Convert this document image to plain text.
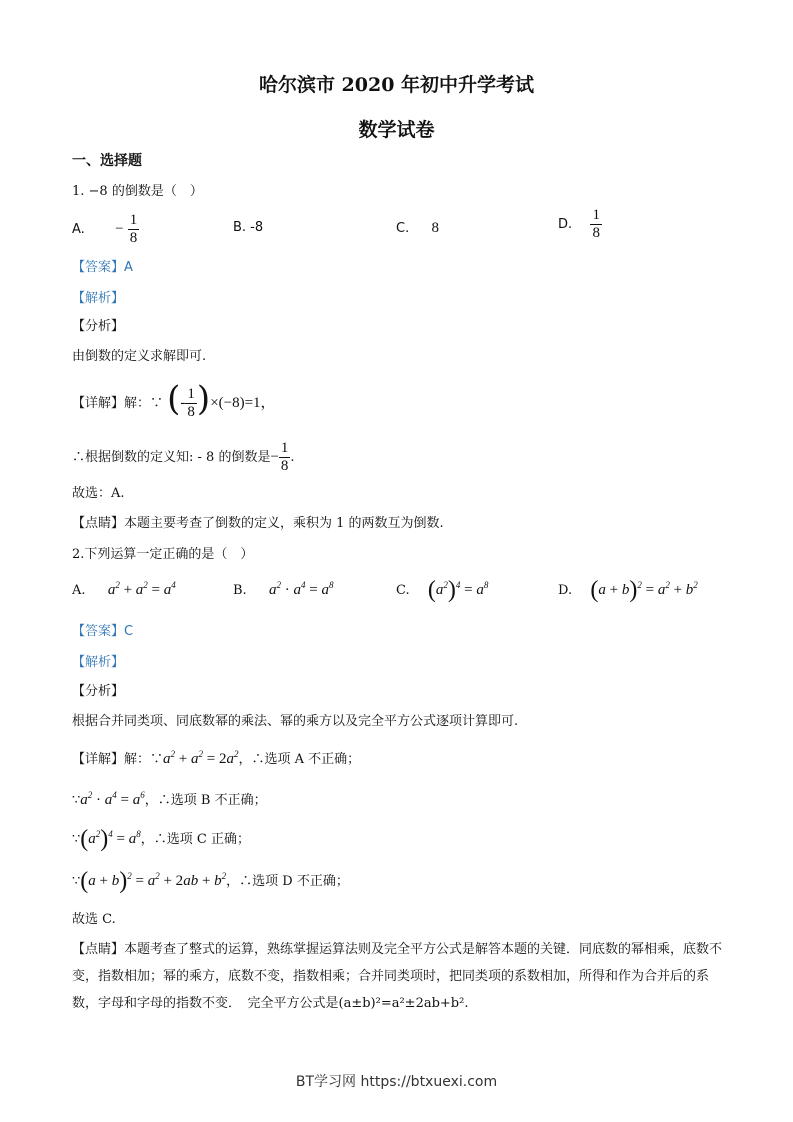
哈尔滨市 2020 年初中升学考试
数学试卷
一、选择题
1. −8 的倒数是（　）
A. − $\frac{1}{8}$	B. -8	C. 8	D. $\frac{1}{8}$
【答案】A
【解析】
【分析】
由倒数的定义求解即可.
【详解】解：∵ (- $\frac{1}{8} )\times(-8)=1$，
∴根据倒数的定义知: - 8 的倒数是− $\frac{1}{8}$ .
故选：A.
【点睛】本题主要考查了倒数的定义，乘积为 1 的两数互为倒数.
2.下列运算一定正确的是（　）
A. $a^2 + a^2 = a^4$	B. $a^2 \cdot a^4 = a^8$	C. $(a^2)^4 = a^8$	D. $(a + b)^2 = a^2 + b^2$
【答案】C
【解析】
【分析】
根据合并同类项、同底数幂的乘法、幂的乘方以及完全平方公式逐项计算即可.
【详解】解：$\because a^2 + a^2 = 2a^2$，∴选项 A 不正确；
$\because a^2 \cdot a^4 = a^6$，∴选项 B 不正确；
$\because(a^2)^4 = a^8$，∴选项 C 正确；
∵(a + $b)^2 = a^2 + 2ab + b^2$，∴选项 D 不正确；
故选 C.
【点睛】本题考查了整式的运算，熟练掌握运算法则及完全平方公式是解答本题的关键．同底数的幂相乘，底数不变，指数相加；幂的乘方，底数不变，指数相乘；合并同类项时，把同类项的系数相加，所得和作为合并后的系数，字母和字母的指数不变．　完全平方公式是(a±b)²=a²±2ab+b².
BT学习网 https://btxuexi.com
